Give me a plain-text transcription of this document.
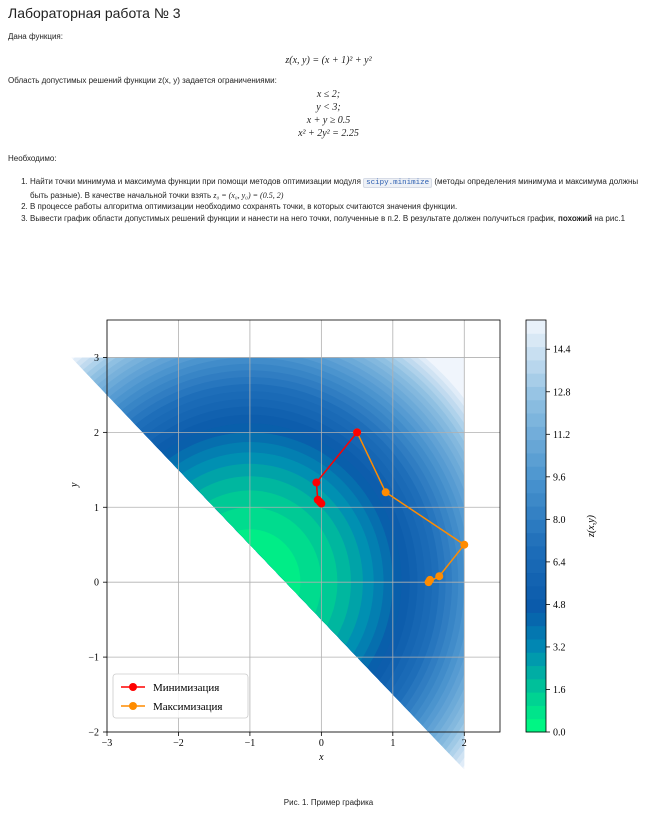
Лабораторная работа № 3
Дана функция:
z(x, y) = (x + 1)² + y²
Область допустимых решений функции z(x, y) задается ограничениями:
x ≤ 2;
y < 3;
x + y ≥ 0.5
x² + 2y² = 2.25
Необходимо:
1. Найти точки минимума и максимума функции при помощи методов оптимизации модуля scipy.minimize (методы определения минимума и максимума должны быть разные). В качестве начальной точки взять z₀ = (x₀, y₀) = (0.5, 2)
2. В процессе работы алгоритма оптимизации необходимо сохранять точки, в которых считаются значения функции.
3. Вывести график области допустимых решений функции и нанести на него точки, полученные в п.2. В результате должен получиться график, похожий на рис.1
−3	−2	−1	0	1	2
−2
−1
0
1
2
3
x
y
Минимизация
Максимизация
0.0
1.6
3.2
4.8
6.4
8.0
9.6
11.2
12.8
14.4
z(x,y)
Рис. 1. Пример графика
